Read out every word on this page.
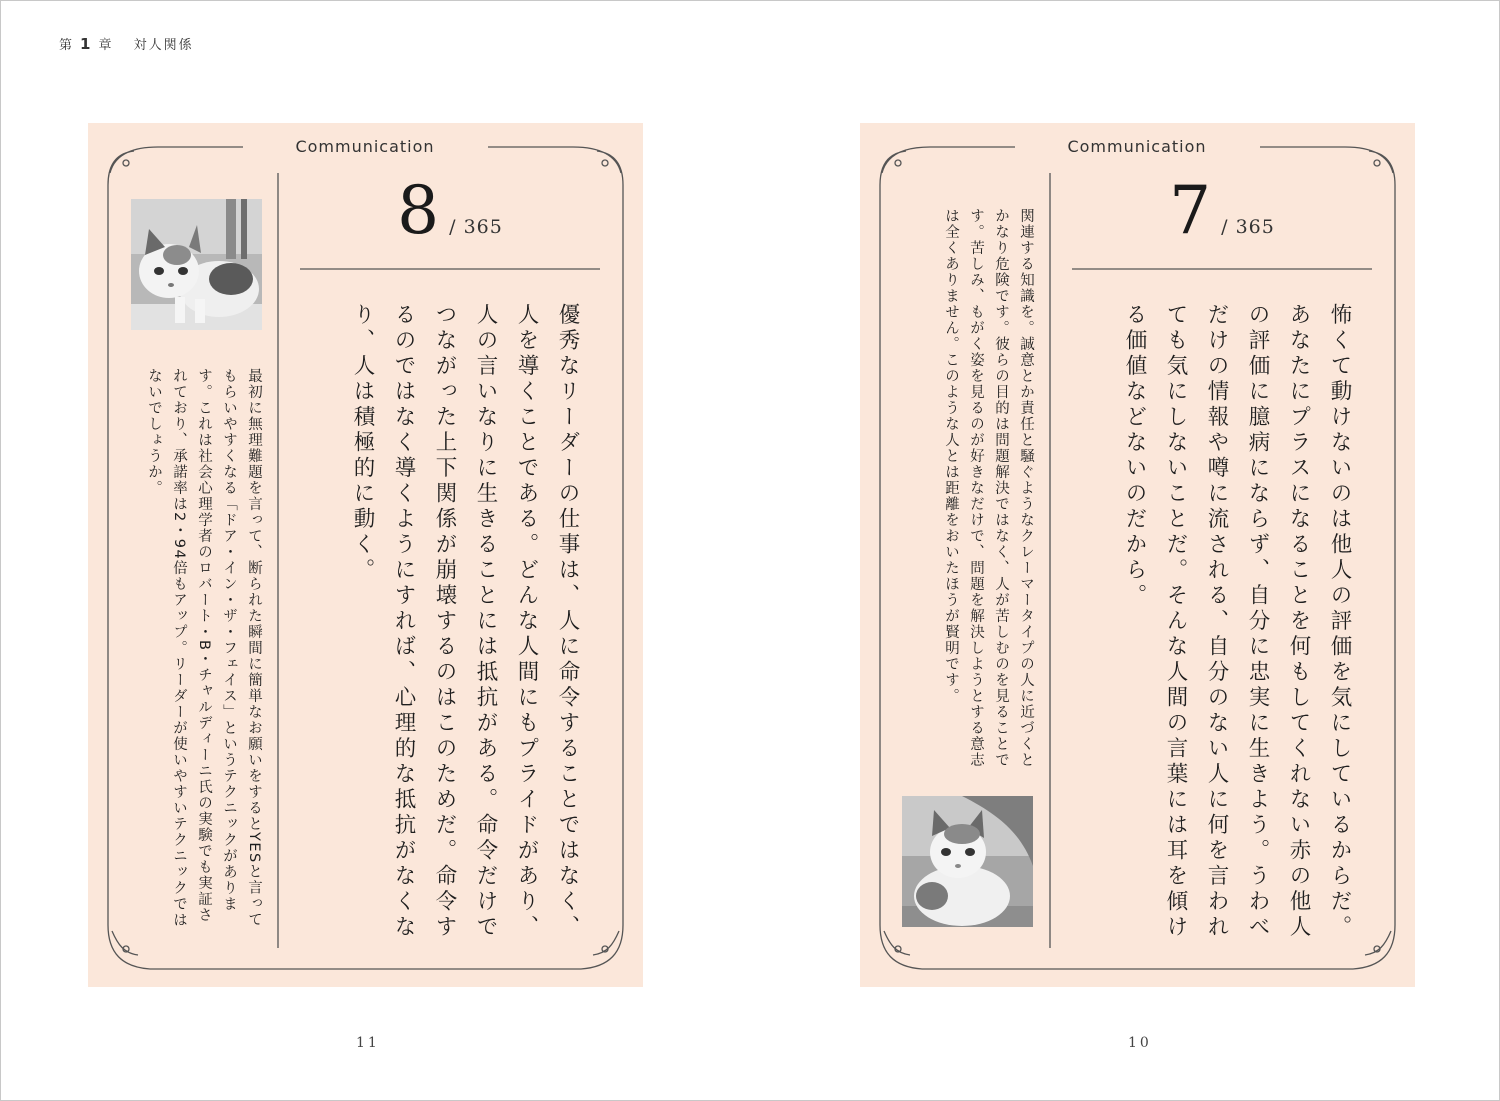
第 1 章 対人関係
Communication
8 / 365
優秀なリーダーの仕事は、人に命令することではなく、人を導くことである。どんな人間にもプライドがあり、人の言いなりに生きることには抵抗がある。命令だけでつながった上下関係が崩壊するのはこのためだ。命令するのではなく導くようにすれば、心理的な抵抗がなくなり、人は積極的に動く。
最初に無理難題を言って、断られた瞬間に簡単なお願いをするとYESと言ってもらいやすくなる「ドア・イン・ザ・フェイス」というテクニックがあります。これは社会心理学者のロバート・B・チャルディーニ氏の実験でも実証されており、承諾率は2・94倍もアップ。リーダーが使いやすいテクニックではないでしょうか。
Communication
7 / 365
怖くて動けないのは他人の評価を気にしているからだ。あなたにプラスになることを何もしてくれない赤の他人の評価に臆病にならず、自分に忠実に生きよう。うわべだけの情報や噂に流される、自分のない人に何を言われても気にしないことだ。そんな人間の言葉には耳を傾ける価値などないのだから。
関連する知識を。誠意とか責任と騒ぐようなクレーマータイプの人に近づくとかなり危険です。彼らの目的は問題解決ではなく、人が苦しむのを見ることです。苦しみ、もがく姿を見るのが好きなだけで、問題を解決しようとする意志は全くありません。このような人とは距離をおいたほうが賢明です。
11	10
